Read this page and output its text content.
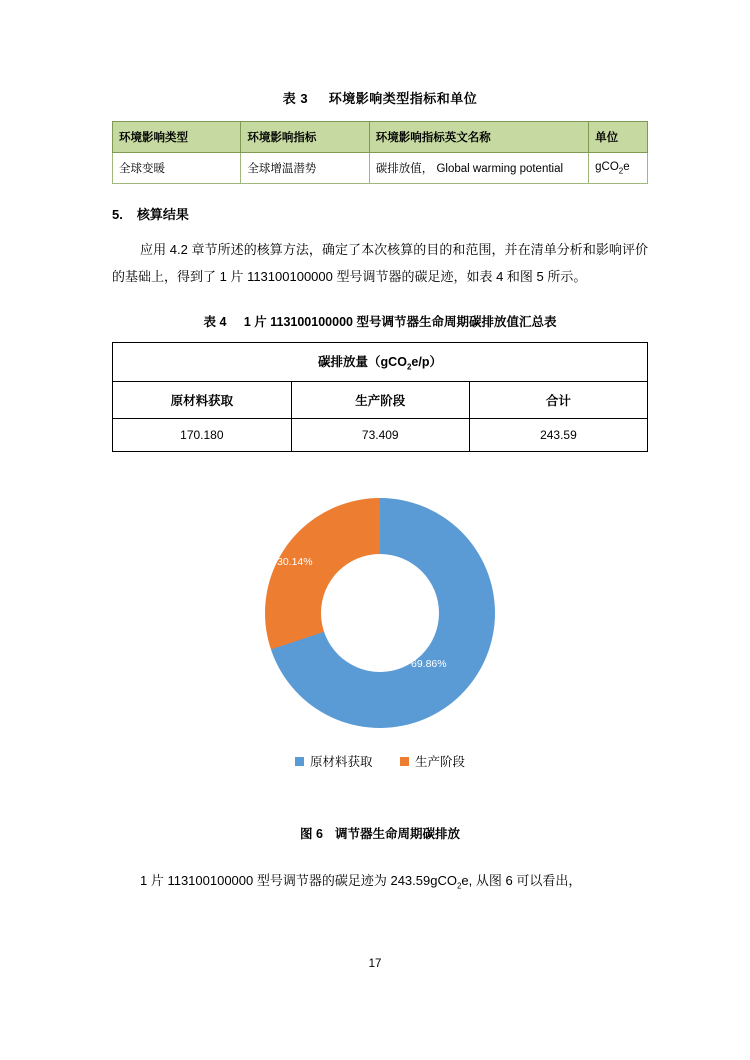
表 3 环境影响类型指标和单位
环境影响类型	环境影响指标	环境影响指标英文名称	单位
全球变暖	全球增温潜势	碳排放值， Global warming potential	gCO$_2$e
5. 核算结果
应用 4.2 章节所述的核算方法，确定了本次核算的目的和范围，并在清单分析和影响评价的基础上，得到了 1 片 113100100000 型号调节器的碳足迹，如表 4 和图 5 所示。
表 4 1 片 113100100000 型号调节器生命周期碳排放值汇总表
碳排放量（gCO$_2$e/p）		
原材料获取	生产阶段	合计
170.180	73.409	243.59
69.86%
30.14%
原材料获取	生产阶段
图 6 调节器生命周期碳排放
1 片 113100100000 型号调节器的碳足迹为 243.59gCO$_2$e, 从图 6 可以看出，
17
